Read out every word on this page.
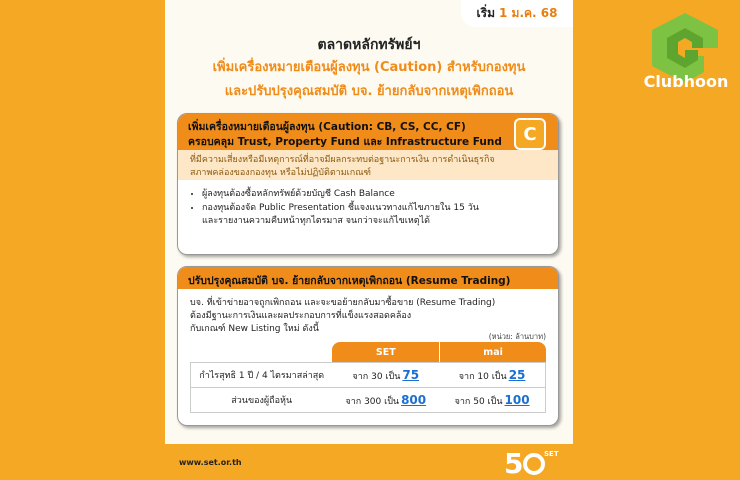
เริ่ม 1 ม.ค. 68
ตลาดหลักทรัพย์ฯ
เพิ่มเครื่องหมายเตือนผู้ลงทุน (Caution) สำหรับกองทุน
และปรับปรุงคุณสมบัติ บจ. ย้ายกลับจากเหตุเพิกถอน
เพิ่มเครื่องหมายเตือนผู้ลงทุน (Caution: CB, CS, CC, CF)
ครอบคลุม Trust, Property Fund และ Infrastructure Fund	C
ที่มีความเสี่ยงหรือมีเหตุการณ์ที่อาจมีผลกระทบต่อฐานะการเงิน การดำเนินธุรกิจ
สภาพคล่องของกองทุน หรือไม่ปฏิบัติตามเกณฑ์
• ผู้ลงทุนต้องซื้อหลักทรัพย์ด้วยบัญชี Cash Balance
• กองทุนต้องจัด Public Presentation ชี้แจงแนวทางแก้ไขภายใน 15 วัน
และรายงานความคืบหน้าทุกไตรมาส จนกว่าจะแก้ไขเหตุได้
ปรับปรุงคุณสมบัติ บจ. ย้ายกลับจากเหตุเพิกถอน (Resume Trading)
บจ. ที่เข้าข่ายอาจถูกเพิกถอน และจะขอย้ายกลับมาซื้อขาย (Resume Trading)
ต้องมีฐานะการเงินและผลประกอบการที่แข็งแรงสอดคล้อง
กับเกณฑ์ New Listing ใหม่ ดังนี้
(หน่วย: ล้านบาท)
	SET	mai
กำไรสุทธิ 1 ปี / 4 ไตรมาสล่าสุด	จาก 30 เป็น 75	จาก 10 เป็น 25
ส่วนของผู้ถือหุ้น	จาก 300 เป็น 800	จาก 50 เป็น 100
www.set.or.th	5	SET
Clubhoon
